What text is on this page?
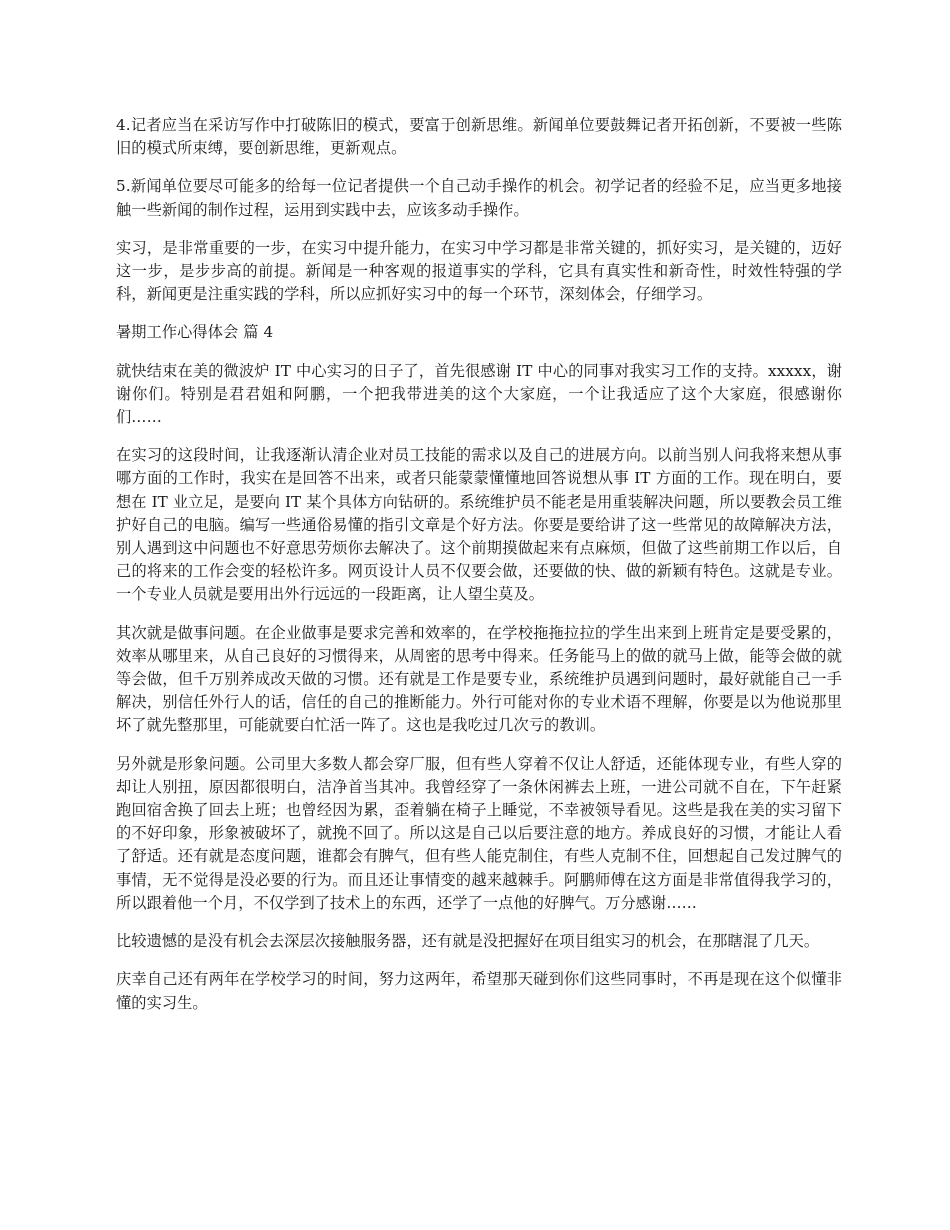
4.记者应当在采访写作中打破陈旧的模式，要富于创新思维。新闻单位要鼓舞记者开拓创新，不要被一些陈旧的模式所束缚，要创新思维，更新观点。

5.新闻单位要尽可能多的给每一位记者提供一个自己动手操作的机会。初学记者的经验不足，应当更多地接触一些新闻的制作过程，运用到实践中去，应该多动手操作。

实习，是非常重要的一步，在实习中提升能力，在实习中学习都是非常关键的，抓好实习，是关键的，迈好这一步，是步步高的前提。新闻是一种客观的报道事实的学科，它具有真实性和新奇性，时效性特强的学科，新闻更是注重实践的学科，所以应抓好实习中的每一个环节，深刻体会，仔细学习。

暑期工作心得体会 篇 4

就快结束在美的微波炉 IT 中心实习的日子了，首先很感谢 IT 中心的同事对我实习工作的支持。xxxxx，谢谢你们。特别是君君姐和阿鹏，一个把我带进美的这个大家庭，一个让我适应了这个大家庭，很感谢你们……

在实习的这段时间，让我逐渐认清企业对员工技能的需求以及自己的进展方向。以前当别人问我将来想从事哪方面的工作时，我实在是回答不出来，或者只能蒙蒙懂懂地回答说想从事 IT 方面的工作。现在明白，要想在 IT 业立足，是要向 IT 某个具体方向钻研的。系统维护员不能老是用重装解决问题，所以要教会员工维护好自己的电脑。编写一些通俗易懂的指引文章是个好方法。你要是要给讲了这一些常见的故障解决方法，别人遇到这中问题也不好意思劳烦你去解决了。这个前期摸做起来有点麻烦，但做了这些前期工作以后，自己的将来的工作会变的轻松许多。网页设计人员不仅要会做，还要做的快、做的新颖有特色。这就是专业。一个专业人员就是要用出外行远远的一段距离，让人望尘莫及。

其次就是做事问题。在企业做事是要求完善和效率的，在学校拖拖拉拉的学生出来到上班肯定是要受累的，效率从哪里来，从自己良好的习惯得来，从周密的思考中得来。任务能马上的做的就马上做，能等会做的就等会做，但千万别养成改天做的习惯。还有就是工作是要专业，系统维护员遇到问题时，最好就能自己一手解决，别信任外行人的话，信任的自己的推断能力。外行可能对你的专业术语不理解，你要是以为他说那里坏了就先整那里，可能就要白忙活一阵了。这也是我吃过几次亏的教训。

另外就是形象问题。公司里大多数人都会穿厂服，但有些人穿着不仅让人舒适，还能体现专业，有些人穿的却让人别扭，原因都很明白，洁净首当其冲。我曾经穿了一条休闲裤去上班，一进公司就不自在，下午赶紧跑回宿舍换了回去上班；也曾经因为累，歪着躺在椅子上睡觉，不幸被领导看见。这些是我在美的实习留下的不好印象，形象被破坏了，就挽不回了。所以这是自己以后要注意的地方。养成良好的习惯，才能让人看了舒适。还有就是态度问题，谁都会有脾气，但有些人能克制住，有些人克制不住，回想起自己发过脾气的事情，无不觉得是没必要的行为。而且还让事情变的越来越棘手。阿鹏师傅在这方面是非常值得我学习的，所以跟着他一个月，不仅学到了技术上的东西，还学了一点他的好脾气。万分感谢……

比较遗憾的是没有机会去深层次接触服务器，还有就是没把握好在项目组实习的机会，在那瞎混了几天。

庆幸自己还有两年在学校学习的时间，努力这两年，希望那天碰到你们这些同事时，不再是现在这个似懂非懂的实习生。
